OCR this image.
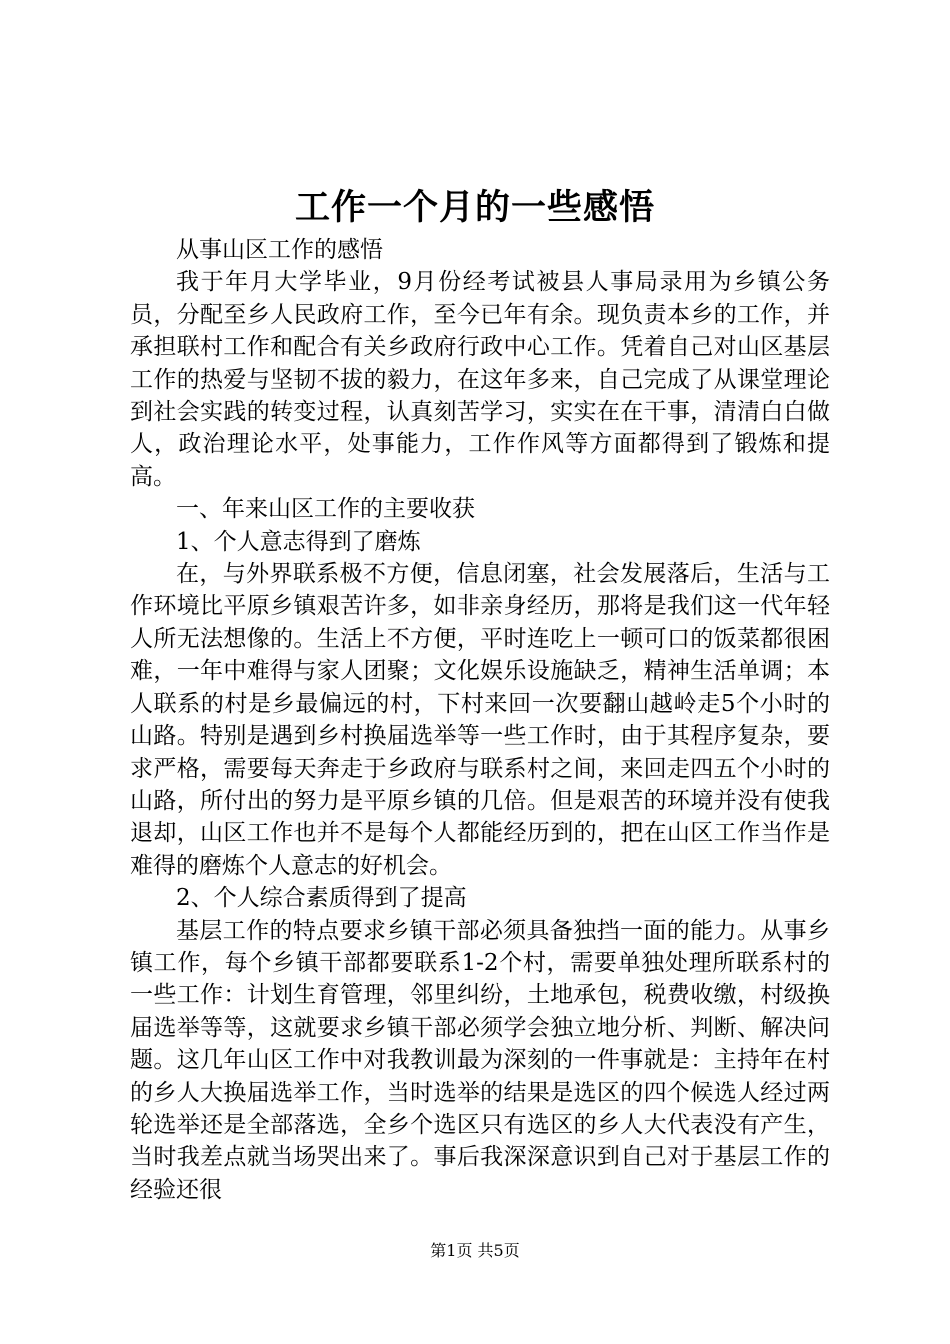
工作一个月的一些感悟

从事山区工作的感悟

我于年月大学毕业，9月份经考试被县人事局录用为乡镇公务员，分配至乡人民政府工作，至今已年有余。现负责本乡的工作，并承担联村工作和配合有关乡政府行政中心工作。凭着自己对山区基层工作的热爱与坚韧不拔的毅力，在这年多来，自己完成了从课堂理论到社会实践的转变过程，认真刻苦学习，实实在在干事，清清白白做人，政治理论水平，处事能力，工作作风等方面都得到了锻炼和提高。

一、年来山区工作的主要收获

1、个人意志得到了磨炼

在，与外界联系极不方便，信息闭塞，社会发展落后，生活与工作环境比平原乡镇艰苦许多，如非亲身经历，那将是我们这一代年轻人所无法想像的。生活上不方便，平时连吃上一顿可口的饭菜都很困难，一年中难得与家人团聚；文化娱乐设施缺乏，精神生活单调；本人联系的村是乡最偏远的村，下村来回一次要翻山越岭走5个小时的山路。特别是遇到乡村换届选举等一些工作时，由于其程序复杂，要求严格，需要每天奔走于乡政府与联系村之间，来回走四五个小时的山路，所付出的努力是平原乡镇的几倍。但是艰苦的环境并没有使我退却，山区工作也并不是每个人都能经历到的，把在山区工作当作是难得的磨炼个人意志的好机会。

2、个人综合素质得到了提高

基层工作的特点要求乡镇干部必须具备独挡一面的能力。从事乡镇工作，每个乡镇干部都要联系1-2个村，需要单独处理所联系村的一些工作：计划生育管理，邻里纠纷，土地承包，税费收缴，村级换届选举等等，这就要求乡镇干部必须学会独立地分析、判断、解决问题。这几年山区工作中对我教训最为深刻的一件事就是：主持年在村的乡人大换届选举工作，当时选举的结果是选区的四个候选人经过两轮选举还是全部落选，全乡个选区只有选区的乡人大代表没有产生，当时我差点就当场哭出来了。事后我深深意识到自己对于基层工作的经验还很

第1页 共5页
